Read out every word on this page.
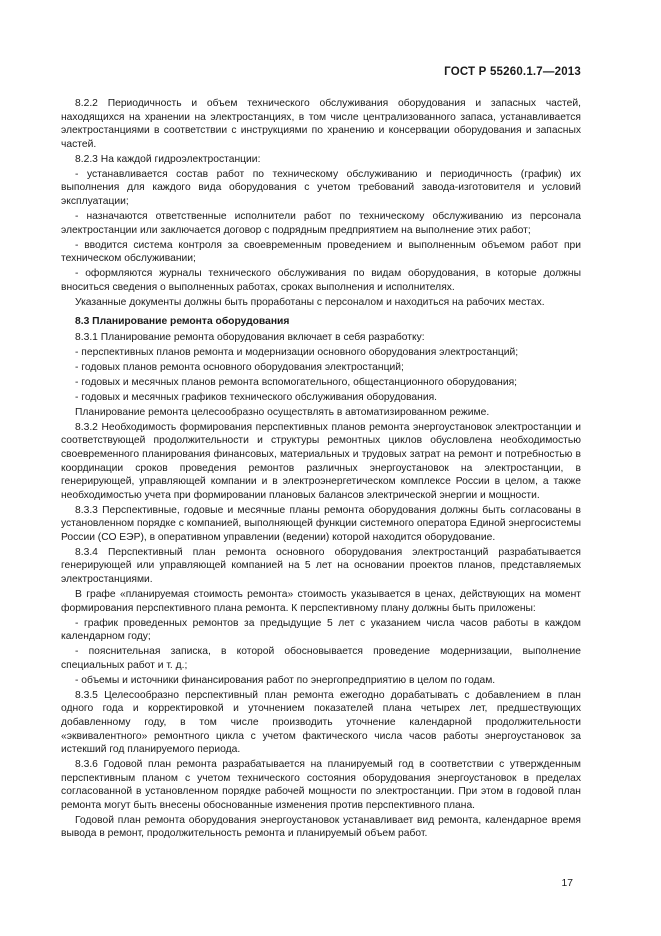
ГОСТ Р 55260.1.7—2013

8.2.2 Периодичность и объем технического обслуживания оборудования и запасных частей, находящихся на хранении на электростанциях, в том числе централизованного запаса, устанавливается электростанциями в соответствии с инструкциями по хранению и консервации оборудования и запасных частей.

8.2.3 На каждой гидроэлектростанции:

- устанавливается состав работ по техническому обслуживанию и периодичность (график) их выполнения для каждого вида оборудования с учетом требований завода-изготовителя и условий эксплуатации;

- назначаются ответственные исполнители работ по техническому обслуживанию из персонала электростанции или заключается договор с подрядным предприятием на выполнение этих работ;

- вводится система контроля за своевременным проведением и выполненным объемом работ при техническом обслуживании;

- оформляются журналы технического обслуживания по видам оборудования, в которые должны вноситься сведения о выполненных работах, сроках выполнения и исполнителях.

Указанные документы должны быть проработаны с персоналом и находиться на рабочих местах.

8.3 Планирование ремонта оборудования

8.3.1 Планирование ремонта оборудования включает в себя разработку:

- перспективных планов ремонта и модернизации основного оборудования электростанций;

- годовых планов ремонта основного оборудования электростанций;

- годовых и месячных планов ремонта вспомогательного, общестанционного оборудования;

- годовых и месячных графиков технического обслуживания оборудования.

Планирование ремонта целесообразно осуществлять в автоматизированном режиме.

8.3.2 Необходимость формирования перспективных планов ремонта энергоустановок электростанции и соответствующей продолжительности и структуры ремонтных циклов обусловлена необходимостью своевременного планирования финансовых, материальных и трудовых затрат на ремонт и потребностью в координации сроков проведения ремонтов различных энергоустановок на электростанции, в генерирующей, управляющей компании и в электроэнергетическом комплексе России в целом, а также необходимостью учета при формировании плановых балансов электрической энергии и мощности.

8.3.3 Перспективные, годовые и месячные планы ремонта оборудования должны быть согласованы в установленном порядке с компанией, выполняющей функции системного оператора Единой энергосистемы России (СО ЕЭР), в оперативном управлении (ведении) которой находится оборудование.

8.3.4 Перспективный план ремонта основного оборудования электростанций разрабатывается генерирующей или управляющей компанией на 5 лет на основании проектов планов, представляемых электростанциями.

В графе «планируемая стоимость ремонта» стоимость указывается в ценах, действующих на момент формирования перспективного плана ремонта. К перспективному плану должны быть приложены:

- график проведенных ремонтов за предыдущие 5 лет с указанием числа часов работы в каждом календарном году;

- пояснительная записка, в которой обосновывается проведение модернизации, выполнение специальных работ и т. д.;

- объемы и источники финансирования работ по энергопредприятию в целом по годам.

8.3.5 Целесообразно перспективный план ремонта ежегодно дорабатывать с добавлением в план одного года и корректировкой и уточнением показателей плана четырех лет, предшествующих добавленному году, в том числе производить уточнение календарной продолжительности «эквивалентного» ремонтного цикла с учетом фактического числа часов работы энергоустановок за истекший год планируемого периода.

8.3.6 Годовой план ремонта разрабатывается на планируемый год в соответствии с утвержденным перспективным планом с учетом технического состояния оборудования энергоустановок в пределах согласованной в установленном порядке рабочей мощности по электростанции. При этом в годовой план ремонта могут быть внесены обоснованные изменения против перспективного плана.

Годовой план ремонта оборудования энергоустановок устанавливает вид ремонта, календарное время вывода в ремонт, продолжительность ремонта и планируемый объем работ.

17
